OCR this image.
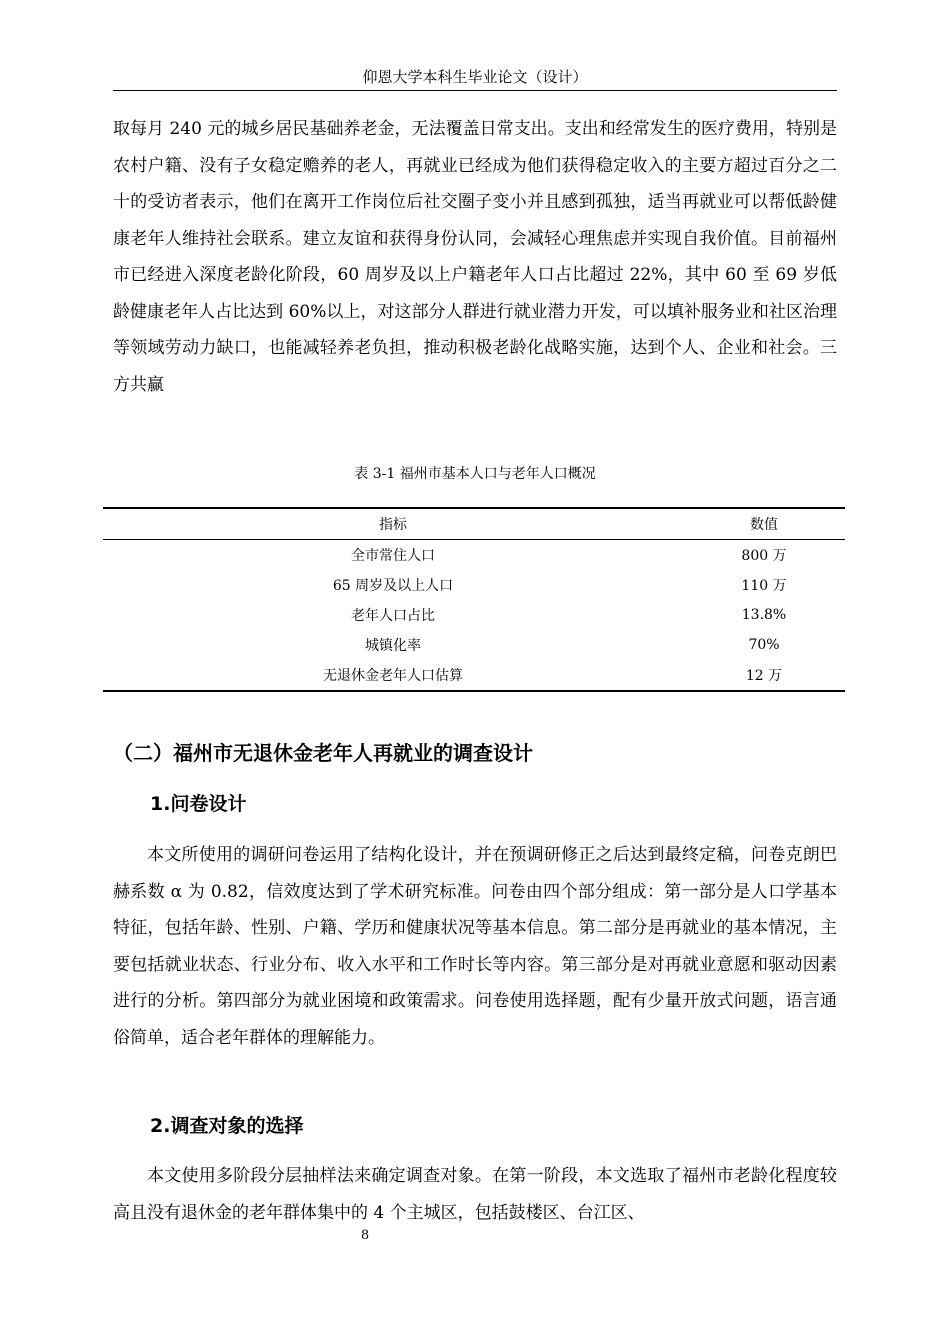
仰恩大学本科生毕业论文（设计）

取每月 240 元的城乡居民基础养老金，无法覆盖日常支出。支出和经常发生的医疗费用，特别是农村户籍、没有子女稳定赡养的老人，再就业已经成为他们获得稳定收入的主要方超过百分之二十的受访者表示，他们在离开工作岗位后社交圈子变小并且感到孤独，适当再就业可以帮低龄健康老年人维持社会联系。建立友谊和获得身份认同，会减轻心理焦虑并实现自我价值。目前福州市已经进入深度老龄化阶段，60 周岁及以上户籍老年人口占比超过 22%，其中 60 至 69 岁低龄健康老年人占比达到 60%以上，对这部分人群进行就业潜力开发，可以填补服务业和社区治理等领域劳动力缺口，也能减轻养老负担，推动积极老龄化战略实施，达到个人、企业和社会。三方共赢

表 3-1 福州市基本人口与老年人口概况
指标	数值
全市常住人口	800 万
65 周岁及以上人口	110 万
老年人口占比	13.8%
城镇化率	70%
无退休金老年人口估算	12 万
（二）福州市无退休金老年人再就业的调查设计
1.问卷设计

本文所使用的调研问卷运用了结构化设计，并在预调研修正之后达到最终定稿，问卷克朗巴赫系数 α 为 0.82，信效度达到了学术研究标准。问卷由四个部分组成：第一部分是人口学基本特征，包括年龄、性别、户籍、学历和健康状况等基本信息。第二部分是再就业的基本情况，主要包括就业状态、行业分布、收入水平和工作时长等内容。第三部分是对再就业意愿和驱动因素进行的分析。第四部分为就业困境和政策需求。问卷使用选择题，配有少量开放式问题，语言通俗简单，适合老年群体的理解能力。

2.调查对象的选择

本文使用多阶段分层抽样法来确定调查对象。在第一阶段，本文选取了福州市老龄化程度较高且没有退休金的老年群体集中的 4 个主城区，包括鼓楼区、台江区、

8
